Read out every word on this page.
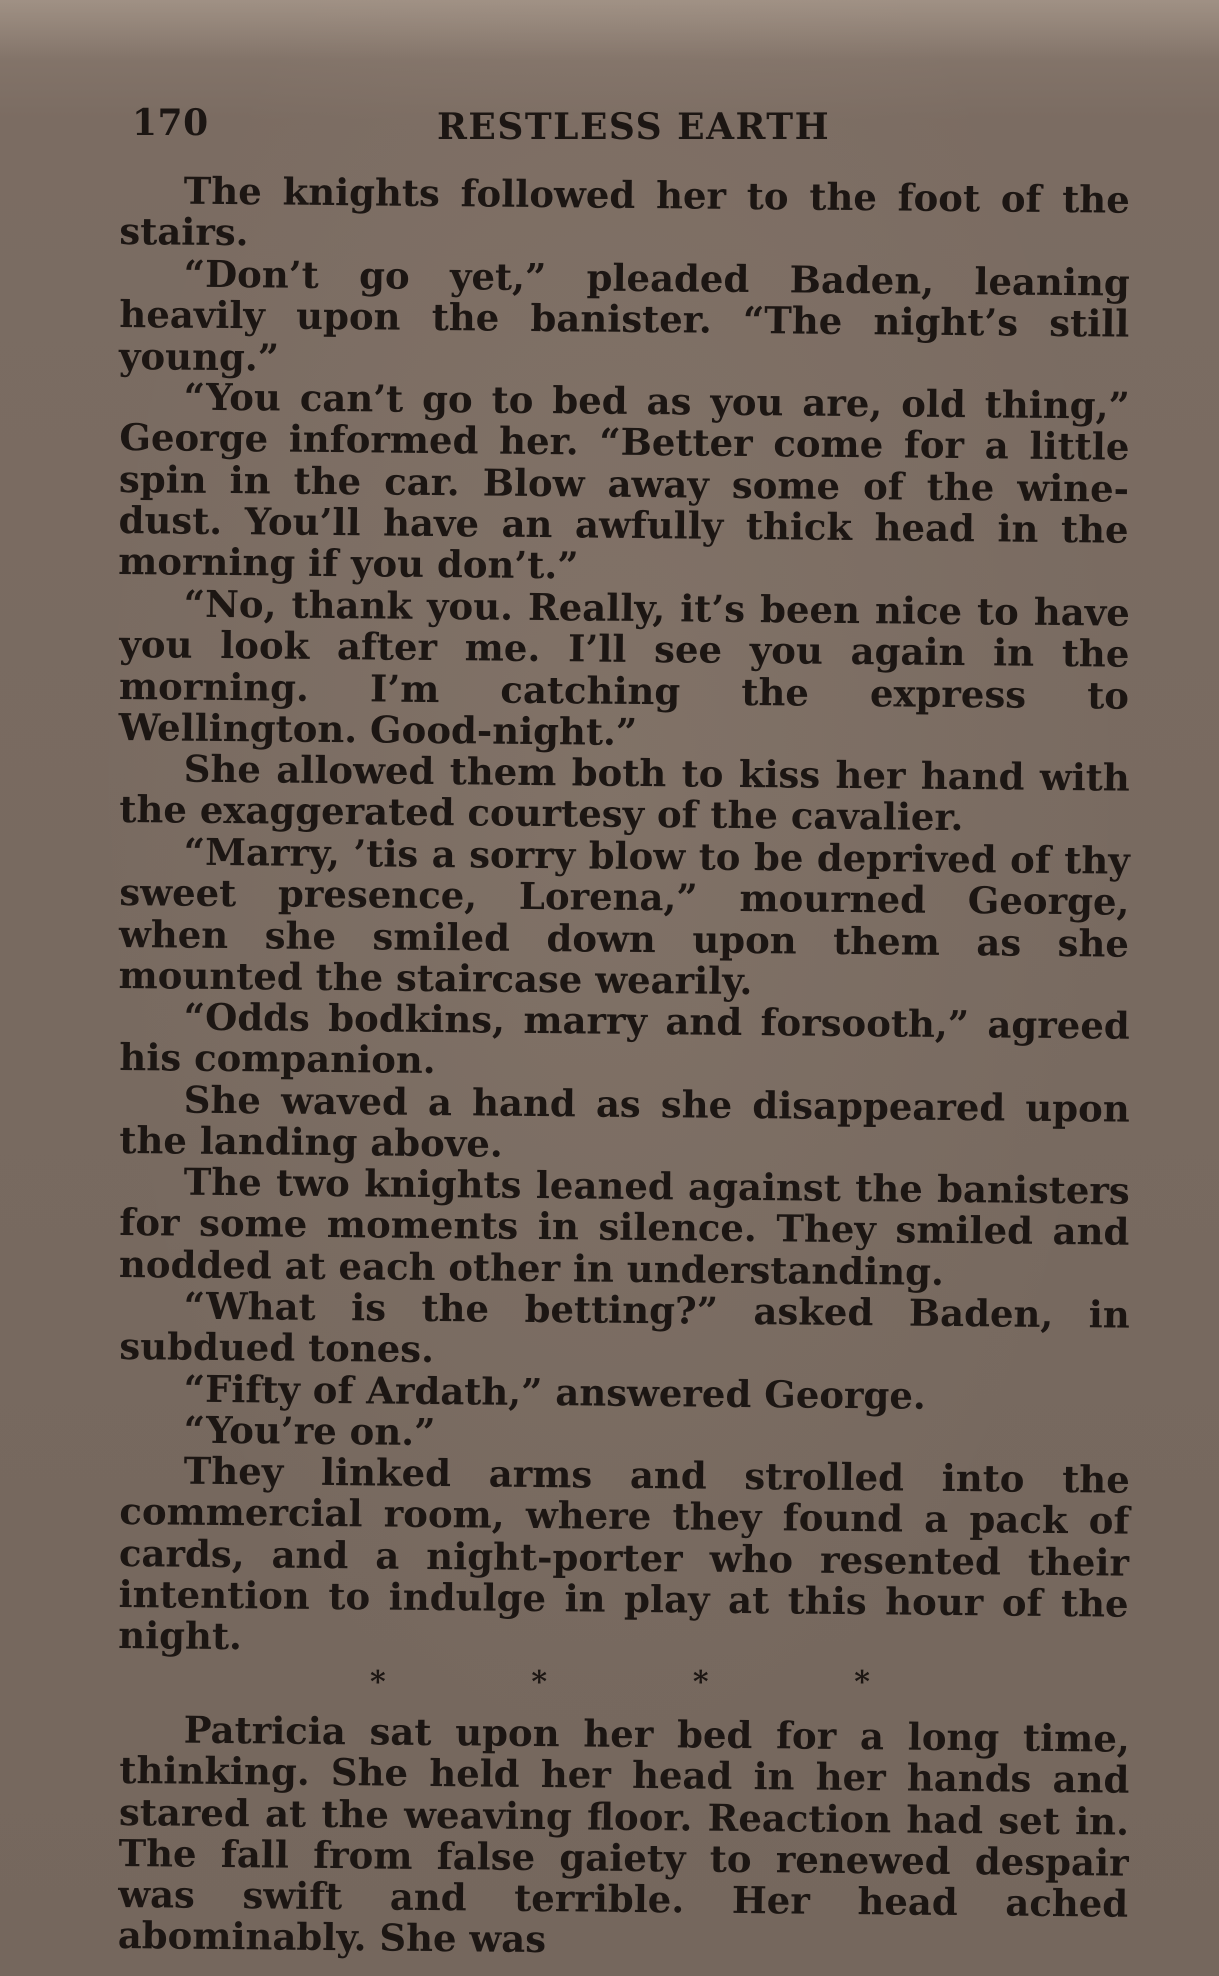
170	RESTLESS EARTH

The knights followed her to the foot of the stairs.

“Don’t go yet,” pleaded Baden, leaning heavily upon the banister. “The night’s still young.”

“You can’t go to bed as you are, old thing,” George informed her. “Better come for a little spin in the car. Blow away some of the wine-dust. You’ll have an awfully thick head in the morning if you don’t.”

“No, thank you. Really, it’s been nice to have you look after me. I’ll see you again in the morning. I’m catching the express to Wellington. Good-night.”

She allowed them both to kiss her hand with the exaggerated courtesy of the cavalier.

“Marry, ’tis a sorry blow to be deprived of thy sweet presence, Lorena,” mourned George, when she smiled down upon them as she mounted the staircase wearily.

“Odds bodkins, marry and forsooth,” agreed his companion.

She waved a hand as she disappeared upon the landing above.

The two knights leaned against the banisters for some moments in silence. They smiled and nodded at each other in understanding.

“What is the betting?” asked Baden, in subdued tones.

“Fifty of Ardath,” answered George.

“You’re on.”

They linked arms and strolled into the commercial room, where they found a pack of cards, and a night-porter who resented their intention to indulge in play at this hour of the night.

*	*	*	*

Patricia sat upon her bed for a long time, thinking. She held her head in her hands and stared at the weaving floor. Reaction had set in. The fall from false gaiety to renewed despair was swift and terrible. Her head ached abominably. She was
